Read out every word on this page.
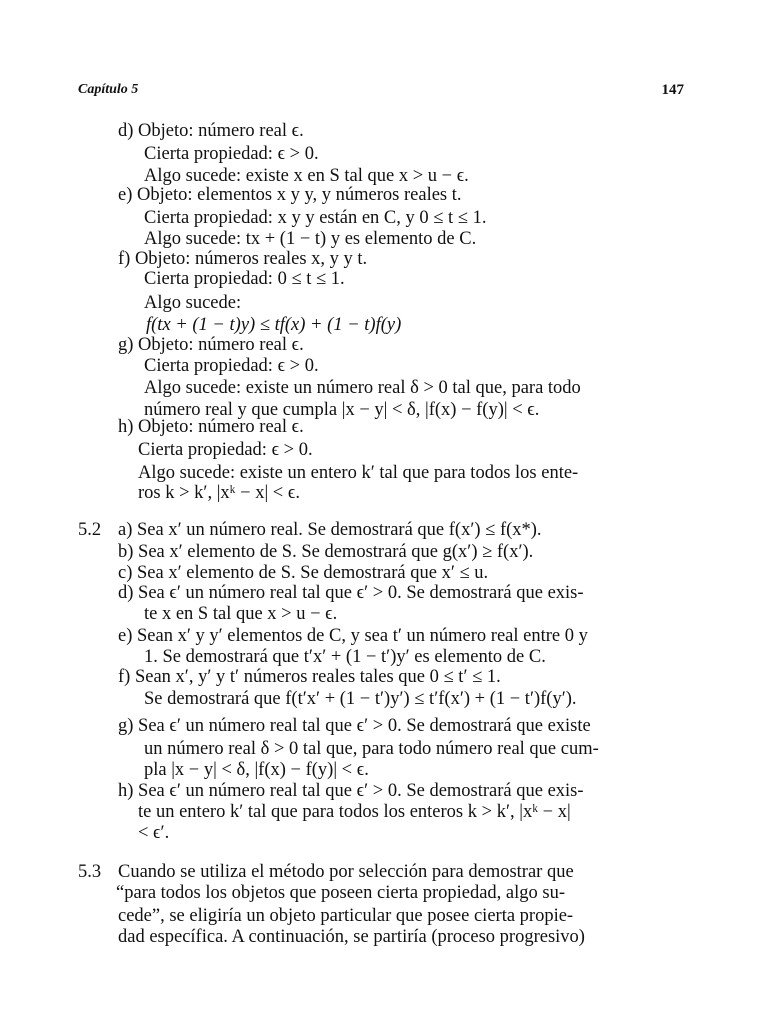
Capítulo 5	147
d) Objeto: número real ϵ.
Cierta propiedad: ϵ > 0.
Algo sucede: existe x en S tal que x > u − ϵ.
e) Objeto: elementos x y y, y números reales t.
Cierta propiedad: x y y están en C, y 0 ≤ t ≤ 1.
Algo sucede: tx + (1 − t) y es elemento de C.
f) Objeto: números reales x, y y t.
Cierta propiedad: 0 ≤ t ≤ 1.
Algo sucede:
f(tx + (1 − t)y) ≤ tf(x) + (1 − t)f(y)
g) Objeto: número real ϵ.
Cierta propiedad: ϵ > 0.
Algo sucede: existe un número real δ > 0 tal que, para todo
número real y que cumpla |x − y| < δ, |f(x) − f(y)| < ϵ.
h) Objeto: número real ϵ.
Cierta propiedad: ϵ > 0.
Algo sucede: existe un entero k′ tal que para todos los ente-
ros k > k′, |xᵏ − x| < ϵ.
5.2 a) Sea x′ un número real. Se demostrará que f(x′) ≤ f(x*).
b) Sea x′ elemento de S. Se demostrará que g(x′) ≥ f(x′).
c) Sea x′ elemento de S. Se demostrará que x′ ≤ u.
d) Sea ϵ′ un número real tal que ϵ′ > 0. Se demostrará que exis-
te x en S tal que x > u − ϵ.
e) Sean x′ y y′ elementos de C, y sea t′ un número real entre 0 y
1. Se demostrará que t′x′ + (1 − t′)y′ es elemento de C.
f) Sean x′, y′ y t′ números reales tales que 0 ≤ t′ ≤ 1.
Se demostrará que f(t′x′ + (1 − t′)y′) ≤ t′f(x′) + (1 − t′)f(y′).
g) Sea ϵ′ un número real tal que ϵ′ > 0. Se demostrará que existe
un número real δ > 0 tal que, para todo número real que cum-
pla |x − y| < δ, |f(x) − f(y)| < ϵ.
h) Sea ϵ′ un número real tal que ϵ′ > 0. Se demostrará que exis-
te un entero k′ tal que para todos los enteros k > k′, |xᵏ − x|
< ϵ′.
5.3 Cuando se utiliza el método por selección para demostrar que
“para todos los objetos que poseen cierta propiedad, algo su-
cede”, se eligiría un objeto particular que posee cierta propie-
dad específica. A continuación, se partiría (proceso progresivo)
